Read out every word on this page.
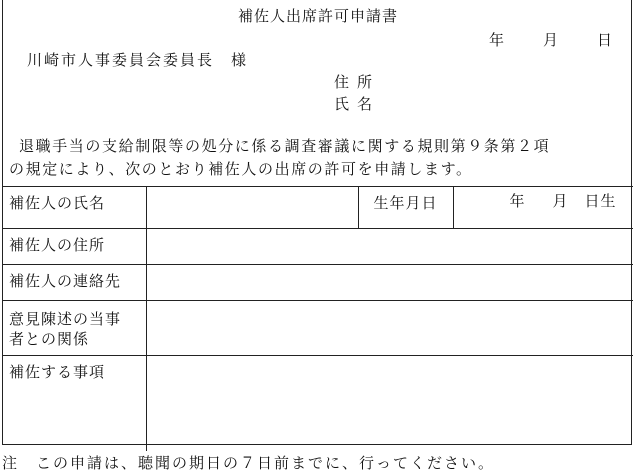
補佐人出席許可申請書
年	月	日
川崎市人事委員会委員長　様
住所
氏名
退職手当の支給制限等の処分に係る調査審議に関する規則第９条第２項
の規定により、次のとおり補佐人の出席の許可を申請します。
補佐人の氏名		生年月日	年 月 日生

補佐人の住所			
補佐人の連絡先			

意見陳述の当事
者との関係			

補佐する事項			
注　この申請は、聴聞の期日の７日前までに、行ってください。
